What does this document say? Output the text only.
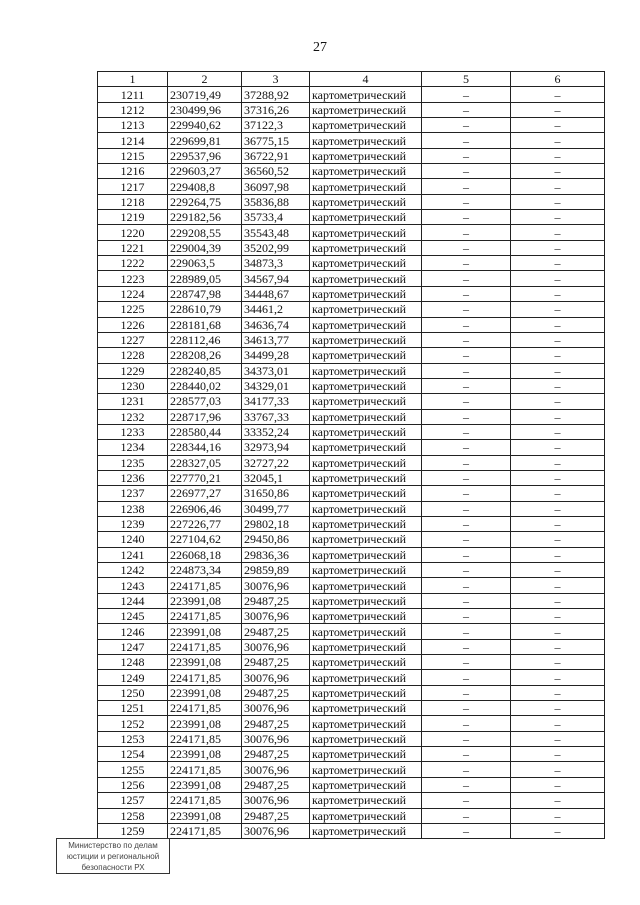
27
1	2	3	4	5	6
1211	230719,49	37288,92	картометрический	–	–
1212	230499,96	37316,26	картометрический	–	–
1213	229940,62	37122,3	картометрический	–	–
1214	229699,81	36775,15	картометрический	–	–
1215	229537,96	36722,91	картометрический	–	–
1216	229603,27	36560,52	картометрический	–	–
1217	229408,8	36097,98	картометрический	–	–
1218	229264,75	35836,88	картометрический	–	–
1219	229182,56	35733,4	картометрический	–	–
1220	229208,55	35543,48	картометрический	–	–
1221	229004,39	35202,99	картометрический	–	–
1222	229063,5	34873,3	картометрический	–	–
1223	228989,05	34567,94	картометрический	–	–
1224	228747,98	34448,67	картометрический	–	–
1225	228610,79	34461,2	картометрический	–	–
1226	228181,68	34636,74	картометрический	–	–
1227	228112,46	34613,77	картометрический	–	–
1228	228208,26	34499,28	картометрический	–	–
1229	228240,85	34373,01	картометрический	–	–
1230	228440,02	34329,01	картометрический	–	–
1231	228577,03	34177,33	картометрический	–	–
1232	228717,96	33767,33	картометрический	–	–
1233	228580,44	33352,24	картометрический	–	–
1234	228344,16	32973,94	картометрический	–	–
1235	228327,05	32727,22	картометрический	–	–
1236	227770,21	32045,1	картометрический	–	–
1237	226977,27	31650,86	картометрический	–	–
1238	226906,46	30499,77	картометрический	–	–
1239	227226,77	29802,18	картометрический	–	–
1240	227104,62	29450,86	картометрический	–	–
1241	226068,18	29836,36	картометрический	–	–
1242	224873,34	29859,89	картометрический	–	–
1243	224171,85	30076,96	картометрический	–	–
1244	223991,08	29487,25	картометрический	–	–
1245	224171,85	30076,96	картометрический	–	–
1246	223991,08	29487,25	картометрический	–	–
1247	224171,85	30076,96	картометрический	–	–
1248	223991,08	29487,25	картометрический	–	–
1249	224171,85	30076,96	картометрический	–	–
1250	223991,08	29487,25	картометрический	–	–
1251	224171,85	30076,96	картометрический	–	–
1252	223991,08	29487,25	картометрический	–	–
1253	224171,85	30076,96	картометрический	–	–
1254	223991,08	29487,25	картометрический	–	–
1255	224171,85	30076,96	картометрический	–	–
1256	223991,08	29487,25	картометрический	–	–
1257	224171,85	30076,96	картометрический	–	–
1258	223991,08	29487,25	картометрический	–	–
1259	224171,85	30076,96	картометрический	–	–
Министерство по делам
юстиции и региональной
безопасности РХ
